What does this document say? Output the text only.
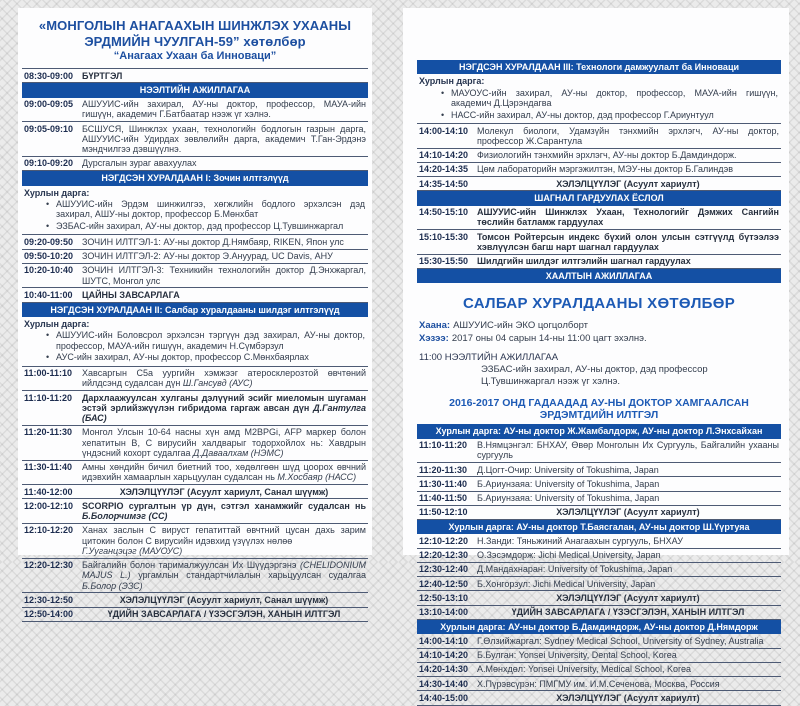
«МОНГОЛЫН АНАГААХЫН ШИНЖЛЭХ УХААНЫ
ЭРДМИЙН ЧУУЛГАН-59” хөтөлбөр
“Анагаах Ухаан ба Инноваци”
08:30-09:00 БҮРТГЭЛ
НЭЭЛТИЙН АЖИЛЛАГАА
09:00-09:05 АШУУИС-ийн захирал, АУ-ны доктор, профессор, МАУА-ийн гишүүн, академич Г.Батбаатар нээж үг хэлнэ.
09:05-09:10 БСШУСЯ, Шинжлэх ухаан, технологийн бодлогын газрын дарга, АШУУИС-ийн Удирдах зөвлөлийн дарга, академич Т.Ган-Эрдэнэ мэндчилгээ дэвшүүлнэ.
09:10-09:20 Дурсгалын зураг авахуулах
НЭГДСЭН ХУРАЛДААН I: Зочин илтгэлүүд
Хурлын дарга:
• АШУУИС-ийн Эрдэм шинжилгээ, хөгжлийн бодлого эрхэлсэн дэд захирал, АШУ-ны доктор, профессор Б.Мөнхбат
• ЭЗБАС-ийн захирал, АУ-ны доктор, дэд профессор Ц.Тувшинжаргал
09:20-09:50 ЗОЧИН ИЛТГЭЛ-1: АУ-ны доктор Д.Нямбаяр, RIKEN, Япон улс
09:50-10:20 ЗОЧИН ИЛТГЭЛ-2: АУ-ны доктор Э.Ануурад, UC Davis, АНУ
10:20-10:40 ЗОЧИН ИЛТГЭЛ-3: Техникийн технологийн доктор Д.Энхжаргал, ШУТС, Монгол улс
10:40-11:00	ЦАЙНЫ ЗАВСАРЛАГА
НЭГДСЭН ХУРАЛДААН II: Салбар хуралдааны шилдэг илтгэлүүд
Хурлын дарга:
• АШУУИС-ийн Боловсрол эрхэлсэн тэргүүн дэд захирал, АУ-ны доктор, профессор, МАУА-ийн гишүүн, академич Н.Сүмбэрзул
• АУС-ийн захирал, АУ-ны доктор, профессор С.Мөнхбаярлах
11:00-11:10	Хавсаргын C5a уургийн хэмжээг атеросклерозтой өвчтөний ийлдсэнд судалсан дүн Ш.Гансувд (АУС)
11:10-11:20	Дархлаажуулсан хулганы дэлүүний эсийг миеломын шугаман эстэй эрлийзжүүлэн гибридома гаргаж авсан дүн Д.Гантулга (БАС)
11:20-11:30	Монгол Улсын 10-64 насны хүн амд M2BPGi, AFP маркер болон хепатитын В, С вирусийн халдварыг тодорхойлох нь: Хавдрын үндэсний кохорт судалгаа Д.Даваалхам (НЭМС)
11:30-11:40	Амны хөндийн бичил биетний тоо, хөдөлгөөн шүд цоорох өвчний идэвхийн хамаарлын харьцуулан судалсан нь М.Хосбаяр (НАСС)
11:40-12:00	ХЭЛЭЛЦҮҮЛЭГ (Асуулт хариулт, Санал шүүмж)
12:00-12:10 SCORPIO сургалтын үр дүн, сэтгэл ханамжийг судалсан нь Б.Болорчимэг (СС)
12:10-12:20 Ханах заслын С вируст гепатиттай өвчтний цусан дахь зарим цитокин болон С вирусийн идэвхид үзүүлэх нөлөө
Г.Ууганцэцэг (МАУОУС)
12:20-12:30 Байгалийн болон тарималжуулсан Их Шүүдэргэнэ (CHELIDONIUM MAJUS L.) ургамлын стандартчилалын харьцуулсан судалгаа Б.Болор (ЭЗС)
12:30-12:50	ХЭЛЭЛЦҮҮЛЭГ (Асуулт хариулт, Санал шүүмж)
12:50-14:00	ҮДИЙН ЗАВСАРЛАГА / ҮЗЭСГЭЛЭН, ХАНЫН ИЛТГЭЛ
НЭГДСЭН ХУРАЛДААН III: Технологи дамжуулалт ба Инноваци
Хурлын дарга:
• МАУОУС-ийн захирал, АУ-ны доктор, профессор, МАУА-ийн гишүүн, академич Д.Цэрэндагва
• НАСС-ийн захирал, АУ-ны доктор, дэд профессор Г.Ариунтуул
14:00-14:10 Молекул биологи, Удамзүйн тэнхмийн эрхлэгч, АУ-ны доктор, профессор Ж.Сарантула
14:10-14:20 Физиологийн тэнхмийн эрхлэгч, АУ-ны доктор Б.Дамдиндорж.
14:20-14:35 Цөм лабораторийн мэргэжилтэн, МЭУ-ны доктор Б.Галиндэв
14:35-14:50	ХЭЛЭЛЦҮҮЛЭГ (Асуулт хариулт)
ШАГНАЛ ГАРДУУЛАХ ЁСЛОЛ
14:50-15:10 АШУУИС-ийн Шинжлэх Ухаан, Технологийг Дэмжих Сангийн төслийн батламж гардуулах
15:10-15:30 Томсон Ройтерсын индекс бүхий олон улсын сэтгүүлд бүтээлээ хэвлүүлсэн багш нарт шагнал гардуулах
15:30-15:50 Шилдгийн шилдэг илтгэлийн шагнал гардуулах
ХААЛТЫН АЖИЛЛАГАА
САЛБАР ХУРАЛДААНЫ ХӨТӨЛБӨР
Хаана: АШУУИС-ийн ЭКО цогцолборт
Хэзээ: 2017 оны 04 сарын 14-ны 11:00 цагт эхэлнэ.
11:00 НЭЭЛТИЙН АЖИЛЛАГАА
ЭЗБАС-ийн захирал, АУ-ны доктор, дэд профессор Ц.Тувшинжаргал нээж үг хэлнэ.
2016-2017 ОНД ГАДААДАД АУ-НЫ ДОКТОР ХАМГААЛСАН ЭРДЭМТДИЙН ИЛТГЭЛ
Хурлын дарга: АУ-ны доктор Ж.Жамбалдорж, АУ-ны доктор Л.Энхсайхан
11:10-11:20	В.Нямцэнгэл: БНХАУ, Өвөр Монголын Их Сургууль, Байгалийн ухааны сургууль
11:20-11:30	Д.Цогт-Очир: University of Tokushima, Japan
11:30-11:40	Б.Ариунзаяа: University of Tokushima, Japan
11:40-11:50	Б.Ариунзаяа: University of Tokushima, Japan
11:50-12:10	ХЭЛЭЛЦҮҮЛЭГ (Асуулт хариулт)
Хурлын дарга: АУ-ны доктор Т.Баясгалан, АУ-ны доктор Ш.Үүртуяа
12:10-12:20 Н.Занди: Тяньжиний Анагаахын сургууль, БНХАУ
12:20-12:30 О.Зэсэмдорж: Jichi Medical University, Japan
12:30-12:40 Д.Мандахнаран: University of Tokushima, Japan
12:40-12:50 Б.Хонгорзул: Jichi Medical University, Japan
12:50-13:10	ХЭЛЭЛЦҮҮЛЭГ (Асуулт хариулт)
13:10-14:00	ҮДИЙН ЗАВСАРЛАГА / ҮЗЭСГЭЛЭН, ХАНЫН ИЛТГЭЛ
Хурлын дарга: АУ-ны доктор Б.Дамдиндорж, АУ-ны доктор Д.Нямдорж
14:00-14:10 Г.Өлзийжаргал: Sydney Medical School, University of Sydney, Australia
14:10-14:20 Б.Булган: Yonsei University, Dental School, Korea
14:20-14:30 А.Мөнхдөл: Yonsei University, Medical School, Korea
14:30-14:40 Х.Пүрэвсүрэн: ПМГМУ им. И.М.Сеченова, Москва, Россия
14:40-15:00	ХЭЛЭЛЦҮҮЛЭГ (Асуулт хариулт)
